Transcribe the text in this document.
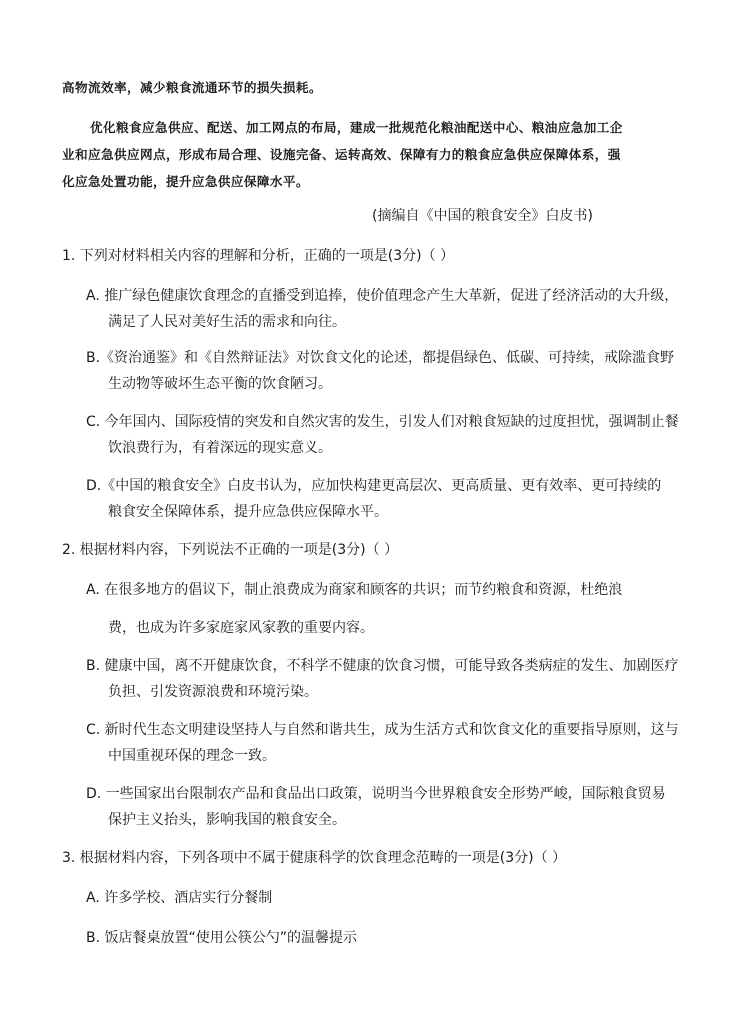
高物流效率，减少粮食流通环节的损失损耗。
优化粮食应急供应、配送、加工网点的布局，建成一批规范化粮油配送中心、粮油应急加工企
业和应急供应网点，形成布局合理、设施完备、运转高效、保障有力的粮食应急供应保障体系，强
化应急处置功能，提升应急供应保障水平。
(摘编自《中国的粮食安全》白皮书)
1. 下列对材料相关内容的理解和分析，正确的一项是(3分)（ ）
A. 推广绿色健康饮食理念的直播受到追捧，使价值理念产生大革新，促进了经济活动的大升级，
满足了人民对美好生活的需求和向往。
B.《资治通鉴》和《自然辩证法》对饮食文化的论述，都提倡绿色、低碳、可持续，戒除滥食野
生动物等破坏生态平衡的饮食陋习。
C. 今年国内、国际疫情的突发和自然灾害的发生，引发人们对粮食短缺的过度担忧，强调制止餐
饮浪费行为，有着深远的现实意义。
D.《中国的粮食安全》白皮书认为，应加快构建更高层次、更高质量、更有效率、更可持续的
粮食安全保障体系，提升应急供应保障水平。
2. 根据材料内容，下列说法不正确的一项是(3分)（ ）
A. 在很多地方的倡议下，制止浪费成为商家和顾客的共识；而节约粮食和资源，杜绝浪
费，也成为许多家庭家风家教的重要内容。
B. 健康中国，离不开健康饮食，不科学不健康的饮食习惯，可能导致各类病症的发生、加剧医疗
负担、引发资源浪费和环境污染。
C. 新时代生态文明建设坚持人与自然和谐共生，成为生活方式和饮食文化的重要指导原则，这与
中国重视环保的理念一致。
D. 一些国家出台限制农产品和食品出口政策，说明当今世界粮食安全形势严峻，国际粮食贸易
保护主义抬头，影响我国的粮食安全。
3. 根据材料内容，下列各项中不属于健康科学的饮食理念范畴的一项是(3分)（ ）
A. 许多学校、酒店实行分餐制
B. 饭店餐桌放置“使用公筷公勺”的温馨提示
